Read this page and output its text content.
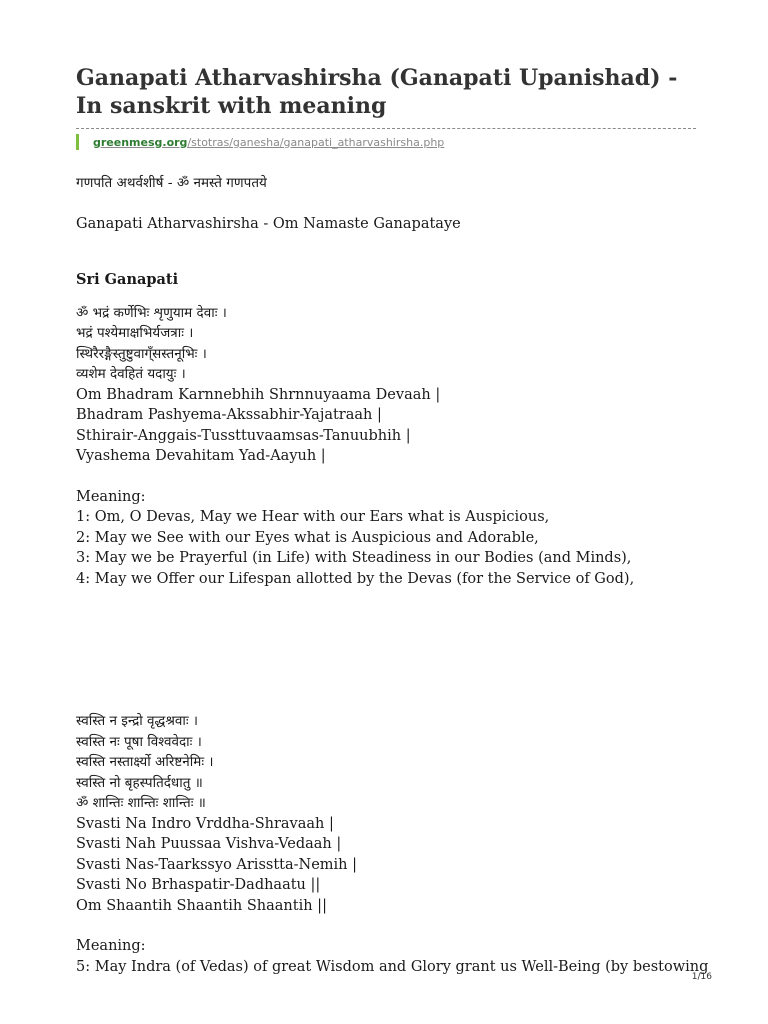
Ganapati Atharvashirsha (Ganapati Upanishad) - In sanskrit with meaning
greenmesg.org/stotras/ganesha/ganapati_atharvashirsha.php
गणपति अथर्वशीर्ष - ॐ नमस्ते गणपतये
Ganapati Atharvashirsha - Om Namaste Ganapataye
Sri Ganapati
ॐ भद्रं कर्णेभिः शृणुयाम देवाः ।
भद्रं पश्येमाक्षभिर्यजत्राः ।
स्थिरैरङ्गैस्तुष्टुवाग्ँसस्तनूभिः ।
व्यशेम देवहितं यदायुः ।
Om Bhadram Karnnebhih Shrnnuyaama Devaah |
Bhadram Pashyema-Akssabhir-Yajatraah |
Sthirair-Anggais-Tussttuvaamsas-Tanuubhih |
Vyashema Devahitam Yad-Aayuh |
Meaning:
1: Om, O Devas, May we Hear with our Ears what is Auspicious,
2: May we See with our Eyes what is Auspicious and Adorable,
3: May we be Prayerful (in Life) with Steadiness in our Bodies (and Minds),
4: May we Offer our Lifespan allotted by the Devas (for the Service of God),
स्वस्ति न इन्द्रो वृद्धश्रवाः ।
स्वस्ति नः पूषा विश्ववेदाः ।
स्वस्ति नस्तार्क्ष्यो अरिष्टनेमिः ।
स्वस्ति नो बृहस्पतिर्दधातु ॥
ॐ शान्तिः शान्तिः शान्तिः ॥
Svasti Na Indro Vrddha-Shravaah |
Svasti Nah Puussaa Vishva-Vedaah |
Svasti Nas-Taarkssyo Arisstta-Nemih |
Svasti No Brhaspatir-Dadhaatu ||
Om Shaantih Shaantih Shaantih ||
Meaning:
5: May Indra (of Vedas) of great Wisdom and Glory grant us Well-Being (by bestowing
1/16
